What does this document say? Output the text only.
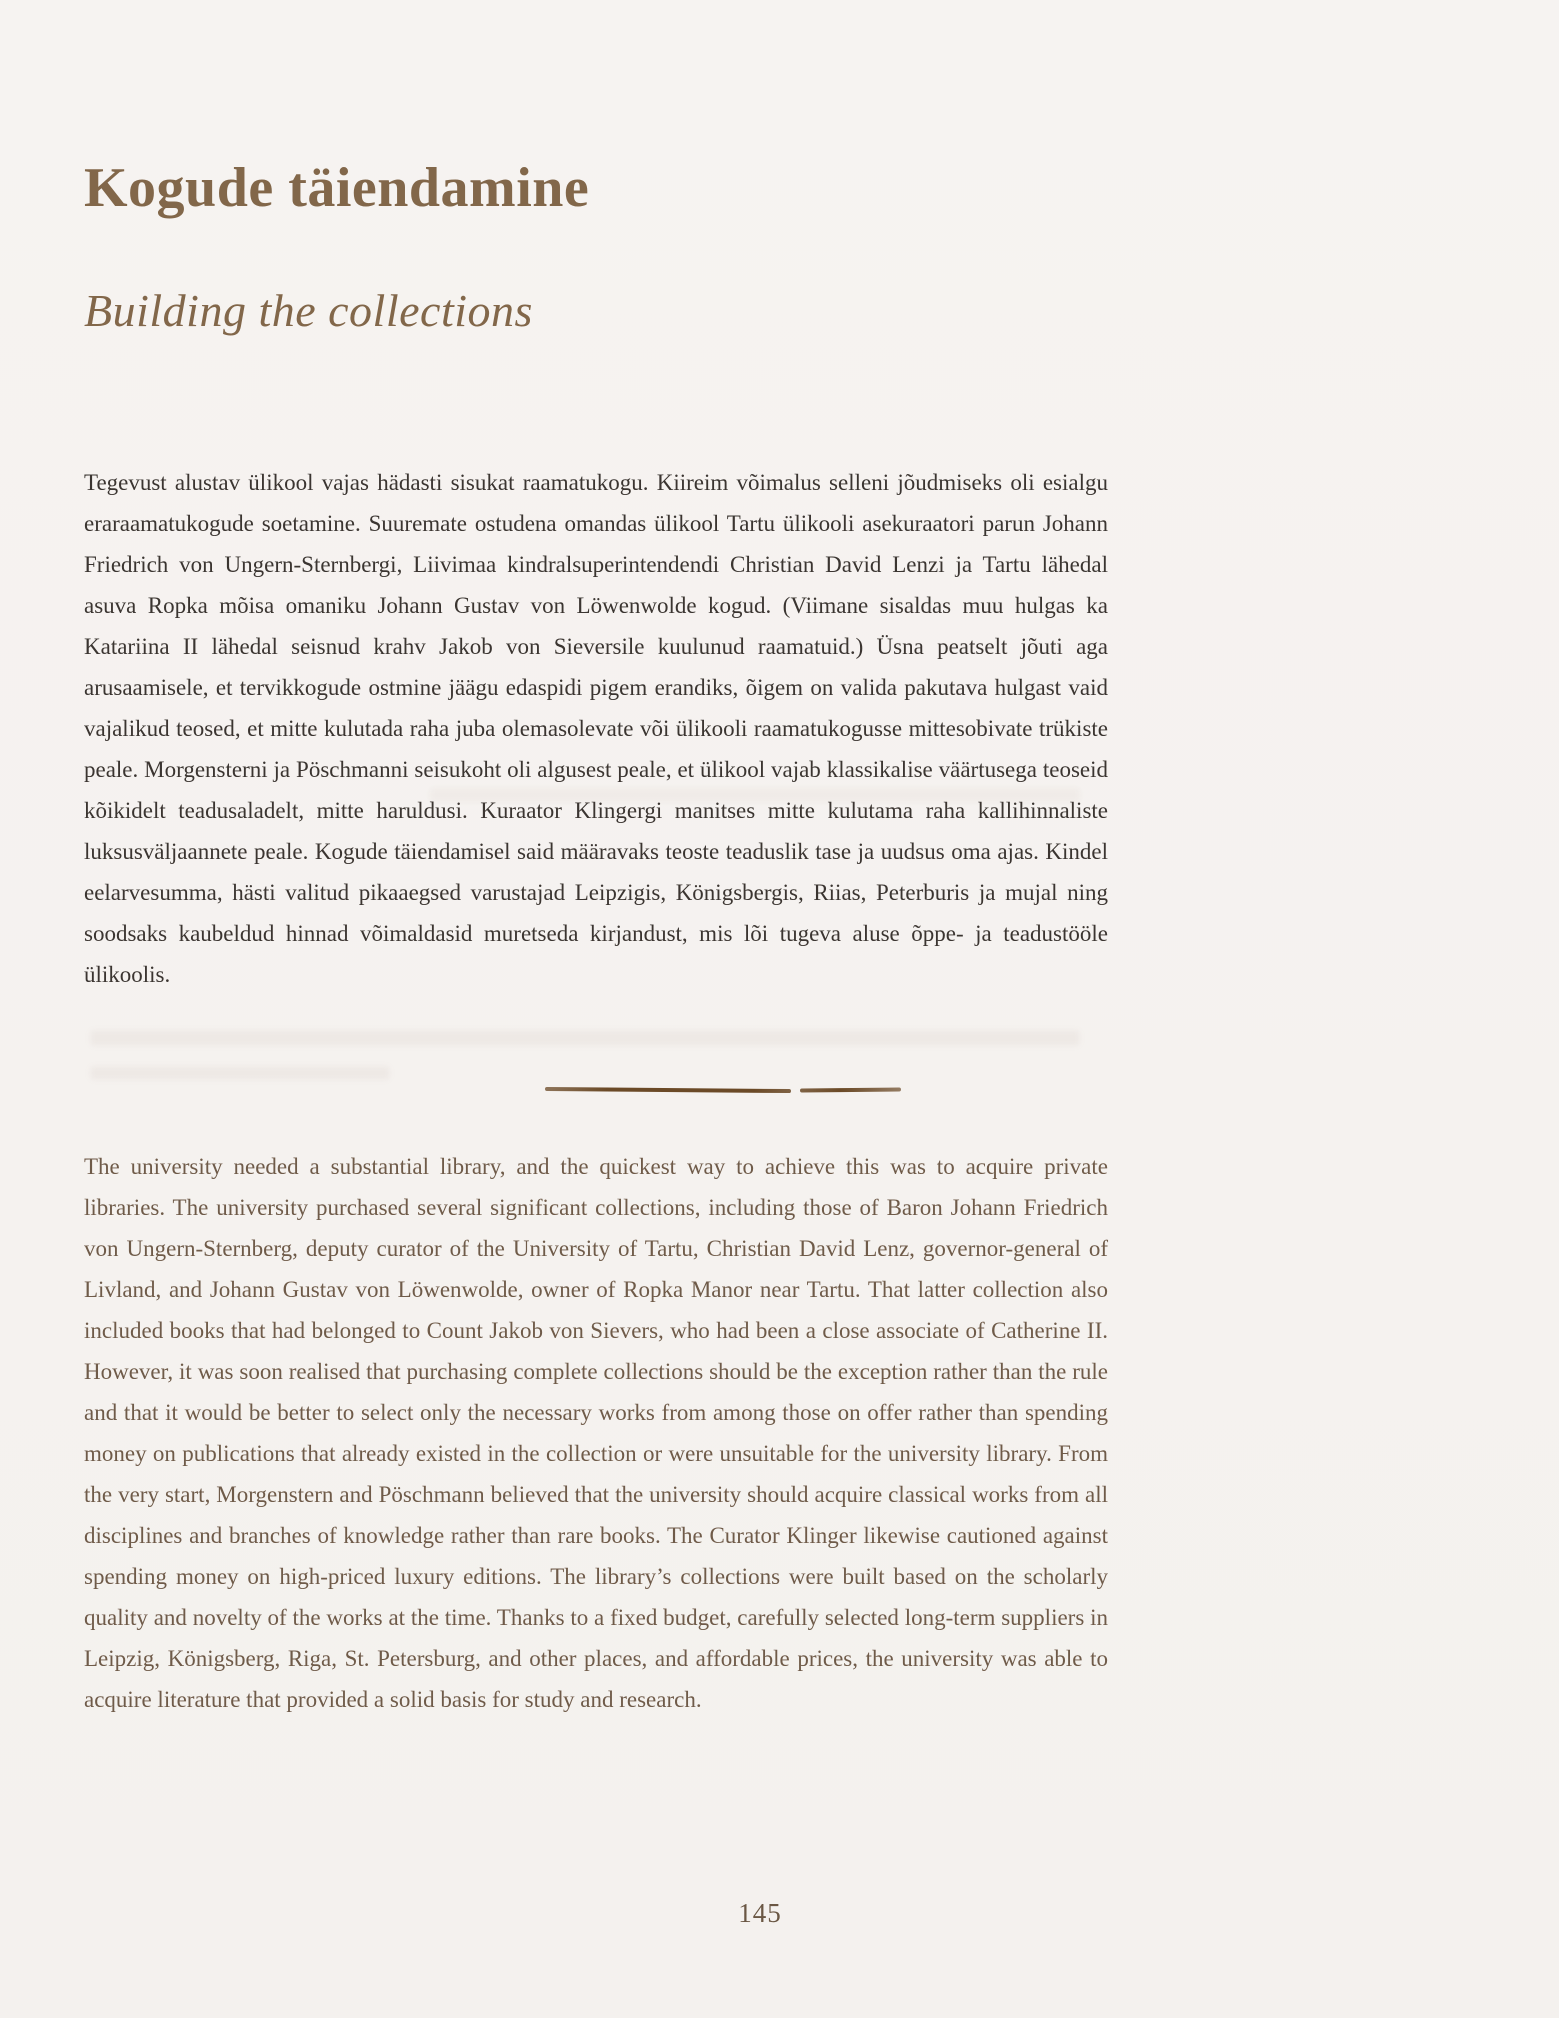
Kogude täiendamine
Building the collections

Tegevust alustav ülikool vajas hädasti sisukat raamatukogu. Kiireim võimalus selleni jõudmiseks oli esialgu eraraamatukogude soetamine. Suuremate ostudena omandas ülikool Tartu ülikooli asekuraatori parun Johann Friedrich von Ungern-Sternbergi, Liivimaa kindralsuperintendendi Christian David Lenzi ja Tartu lähedal asuva Ropka mõisa omaniku Johann Gustav von Löwenwolde kogud. (Viimane sisaldas muu hulgas ka Katariina II lähedal seisnud krahv Jakob von Sieversile kuulunud raamatuid.) Üsna peatselt jõuti aga arusaamisele, et tervikkogude ostmine jäägu edaspidi pigem erandiks, õigem on valida pakutava hulgast vaid vajalikud teosed, et mitte kulutada raha juba olemasolevate või ülikooli raamatukogusse mittesobivate trükiste peale. Morgensterni ja Pöschmanni seisukoht oli algusest peale, et ülikool vajab klassikalise väärtusega teoseid kõikidelt teadusaladelt, mitte haruldusi. Kuraator Klingergi manitses mitte kulutama raha kallihinnaliste luksusväljaannete peale. Kogude täiendamisel said määravaks teoste teaduslik tase ja uudsus oma ajas. Kindel eelarvesumma, hästi valitud pikaaegsed varustajad Leipzigis, Königsbergis, Riias, Peterburis ja mujal ning soodsaks kaubeldud hinnad võimaldasid muretseda kirjandust, mis lõi tugeva aluse õppe- ja teadustööle ülikoolis.

The university needed a substantial library, and the quickest way to achieve this was to acquire private libraries. The university purchased several significant collections, including those of Baron Johann Friedrich von Ungern-Sternberg, deputy curator of the University of Tartu, Christian David Lenz, governor-general of Livland, and Johann Gustav von Löwenwolde, owner of Ropka Manor near Tartu. That latter collection also included books that had belonged to Count Jakob von Sievers, who had been a close associate of Catherine II. However, it was soon realised that purchasing complete collections should be the exception rather than the rule and that it would be better to select only the necessary works from among those on offer rather than spending money on publications that already existed in the collection or were unsuitable for the university library. From the very start, Morgenstern and Pöschmann believed that the university should acquire classical works from all disciplines and branches of knowledge rather than rare books. The Curator Klinger likewise cautioned against spending money on high-priced luxury editions. The library’s collections were built based on the scholarly quality and novelty of the works at the time. Thanks to a fixed budget, carefully selected long-term suppliers in Leipzig, Königsberg, Riga, St. Petersburg, and other places, and affordable prices, the university was able to acquire literature that provided a solid basis for study and research.

145
